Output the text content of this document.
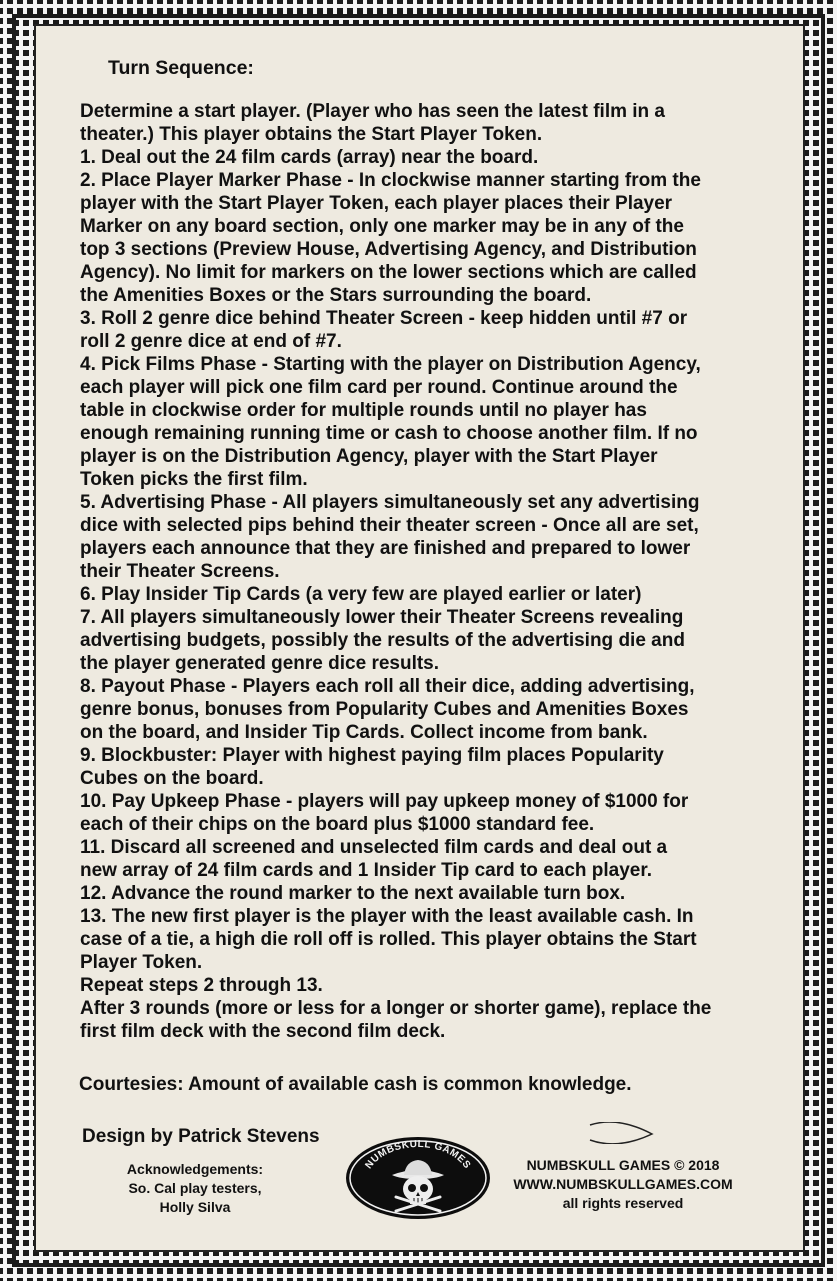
Turn Sequence:
Determine a start player. (Player who has seen the latest film in a
theater.) This player obtains the Start Player Token.
1. Deal out the 24 film cards (array) near the board.
2. Place Player Marker Phase - In clockwise manner starting from the
player with the Start Player Token, each player places their Player
Marker on any board section, only one marker may be in any of the
top 3 sections (Preview House, Advertising Agency, and Distribution
Agency). No limit for markers on the lower sections which are called
the Amenities Boxes or the Stars surrounding the board.
3. Roll 2 genre dice behind Theater Screen - keep hidden until #7 or
roll 2 genre dice at end of #7.
4. Pick Films Phase - Starting with the player on Distribution Agency,
each player will pick one film card per round. Continue around the
table in clockwise order for multiple rounds until no player has
enough remaining running time or cash to choose another film. If no
player is on the Distribution Agency, player with the Start Player
Token picks the first film.
5. Advertising Phase - All players simultaneously set any advertising
dice with selected pips behind their theater screen - Once all are set,
players each announce that they are finished and prepared to lower
their Theater Screens.
6. Play Insider Tip Cards (a very few are played earlier or later)
7. All players simultaneously lower their Theater Screens revealing
advertising budgets, possibly the results of the advertising die and
the player generated genre dice results.
8. Payout Phase - Players each roll all their dice, adding advertising,
genre bonus, bonuses from Popularity Cubes and Amenities Boxes
on the board, and Insider Tip Cards. Collect income from bank.
9. Blockbuster: Player with highest paying film places Popularity
Cubes on the board.
10. Pay Upkeep Phase - players will pay upkeep money of $1000 for
each of their chips on the board plus $1000 standard fee.
11. Discard all screened and unselected film cards and deal out a
new array of 24 film cards and 1 Insider Tip card to each player.
12. Advance the round marker to the next available turn box.
13. The new first player is the player with the least available cash. In
case of a tie, a high die roll off is rolled. This player obtains the Start
Player Token.
Repeat steps 2 through 13.
After 3 rounds (more or less for a longer or shorter game), replace the
first film deck with the second film deck.
Courtesies: Amount of available cash is common knowledge.
Design by Patrick Stevens
Acknowledgements:
So. Cal play testers,
Holly Silva
NUMBSKULL GAMES	NUMBSKULL GAMES © 2018
WWW.NUMBSKULLGAMES.COM
all rights reserved
